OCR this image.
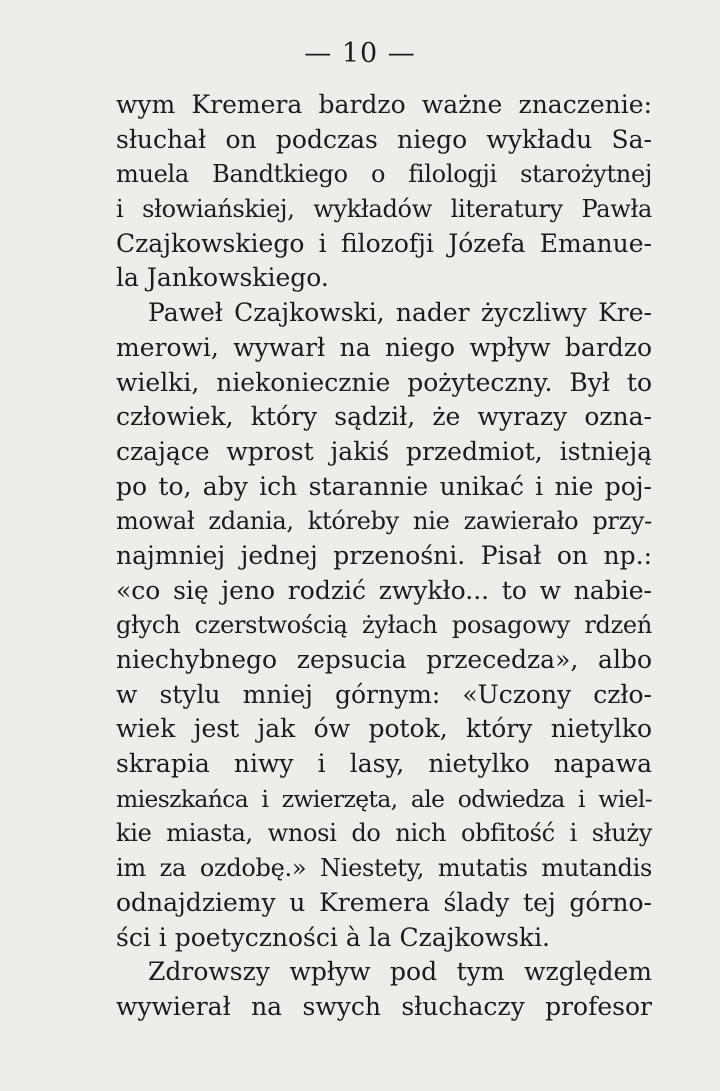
— 10 —
wym Kremera bardzo ważne znaczenie:
słuchał on podczas niego wykładu Sa-
muela Bandtkiego o filologji starożytnej
i słowiańskiej, wykładów literatury Pawła
Czajkowskiego i filozofji Józefa Emanue-
la Jankowskiego.
Paweł Czajkowski, nader życzliwy Kre-
merowi, wywarł na niego wpływ bardzo
wielki, niekoniecznie pożyteczny. Był to
człowiek, który sądził, że wyrazy ozna-
czające wprost jakiś przedmiot, istnieją
po to, aby ich starannie unikać i nie poj-
mował zdania, któreby nie zawierało przy-
najmniej jednej przenośni. Pisał on np.:
«co się jeno rodzić zwykło... to w nabie-
głych czerstwością żyłach posagowy rdzeń
niechybnego zepsucia przecedza», albo
w stylu mniej górnym: «Uczony czło-
wiek jest jak ów potok, który nietylko
skrapia niwy i lasy, nietylko napawa
mieszkańca i zwierzęta, ale odwiedza i wiel-
kie miasta, wnosi do nich obfitość i służy
im za ozdobę.» Niestety, mutatis mutandis
odnajdziemy u Kremera ślady tej górno-
ści i poetyczności à la Czajkowski.
Zdrowszy wpływ pod tym względem
wywierał na swych słuchaczy profesor
